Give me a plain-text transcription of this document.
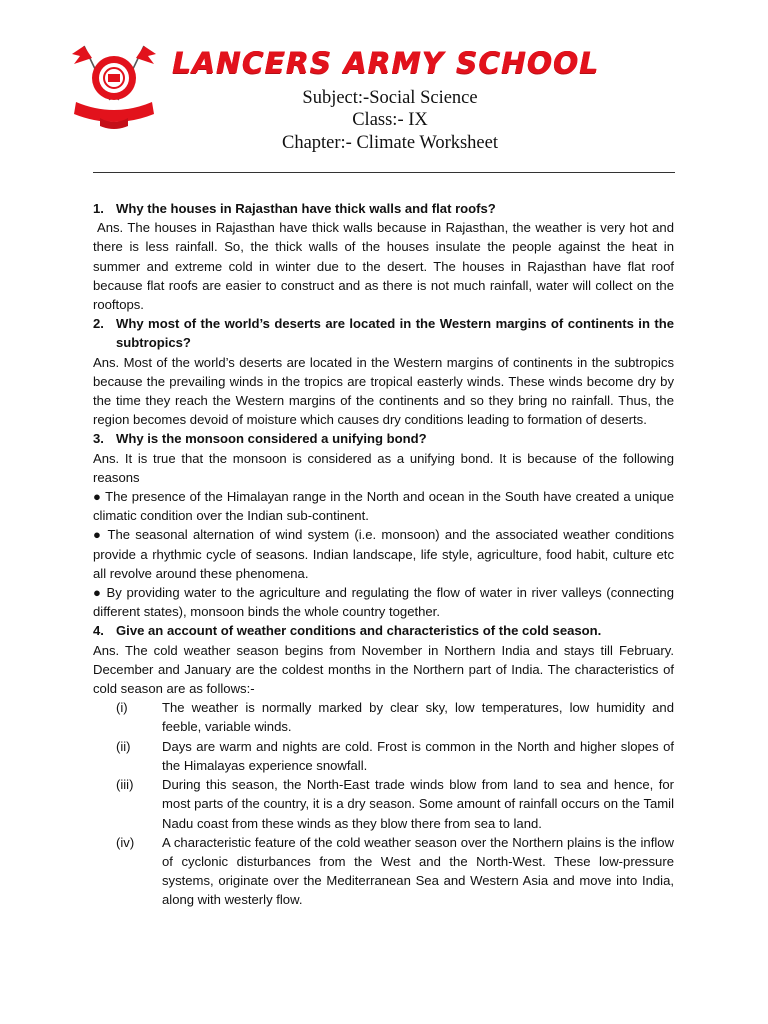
LANCERS ARMY SCHOOL
Subject:-Social Science
Class:- IX
Chapter:- Climate Worksheet
1. Why the houses in Rajasthan have thick walls and flat roofs?

Ans. The houses in Rajasthan have thick walls because in Rajasthan, the weather is very hot and there is less rainfall. So, the thick walls of the houses insulate the people against the heat in summer and extreme cold in winter due to the desert. The houses in Rajasthan have flat roof because flat roofs are easier to construct and as there is not much rainfall, water will collect on the rooftops.

2. Why most of the world’s deserts are located in the Western margins of continents in the subtropics?

Ans. Most of the world’s deserts are located in the Western margins of continents in the subtropics because the prevailing winds in the tropics are tropical easterly winds. These winds become dry by the time they reach the Western margins of the continents and so they bring no rainfall. Thus, the region becomes devoid of moisture which causes dry conditions leading to formation of deserts.

3. Why is the monsoon considered a unifying bond?

Ans. It is true that the monsoon is considered as a unifying bond. It is because of the following reasons

● The presence of the Himalayan range in the North and ocean in the South have created a unique climatic condition over the Indian sub-continent.

● The seasonal alternation of wind system (i.e. monsoon) and the associated weather conditions provide a rhythmic cycle of seasons. Indian landscape, life style, agriculture, food habit, culture etc all revolve around these phenomena.

● By providing water to the agriculture and regulating the flow of water in river valleys (connecting different states), monsoon binds the whole country together.

4. Give an account of weather conditions and characteristics of the cold season.

Ans. The cold weather season begins from November in Northern India and stays till February. December and January are the coldest months in the Northern part of India. The characteristics of cold season are as follows:-

(i)	The weather is normally marked by clear sky, low temperatures, low humidity and feeble, variable winds.
(ii)	Days are warm and nights are cold. Frost is common in the North and higher slopes of the Himalayas experience snowfall.
(iii)	During this season, the North-East trade winds blow from land to sea and hence, for most parts of the country, it is a dry season. Some amount of rainfall occurs on the Tamil Nadu coast from these winds as they blow there from sea to land.
(iv)	A characteristic feature of the cold weather season over the Northern plains is the inflow of cyclonic disturbances from the West and the North-West. These low-pressure systems, originate over the Mediterranean Sea and Western Asia and move into India, along with westerly flow.
